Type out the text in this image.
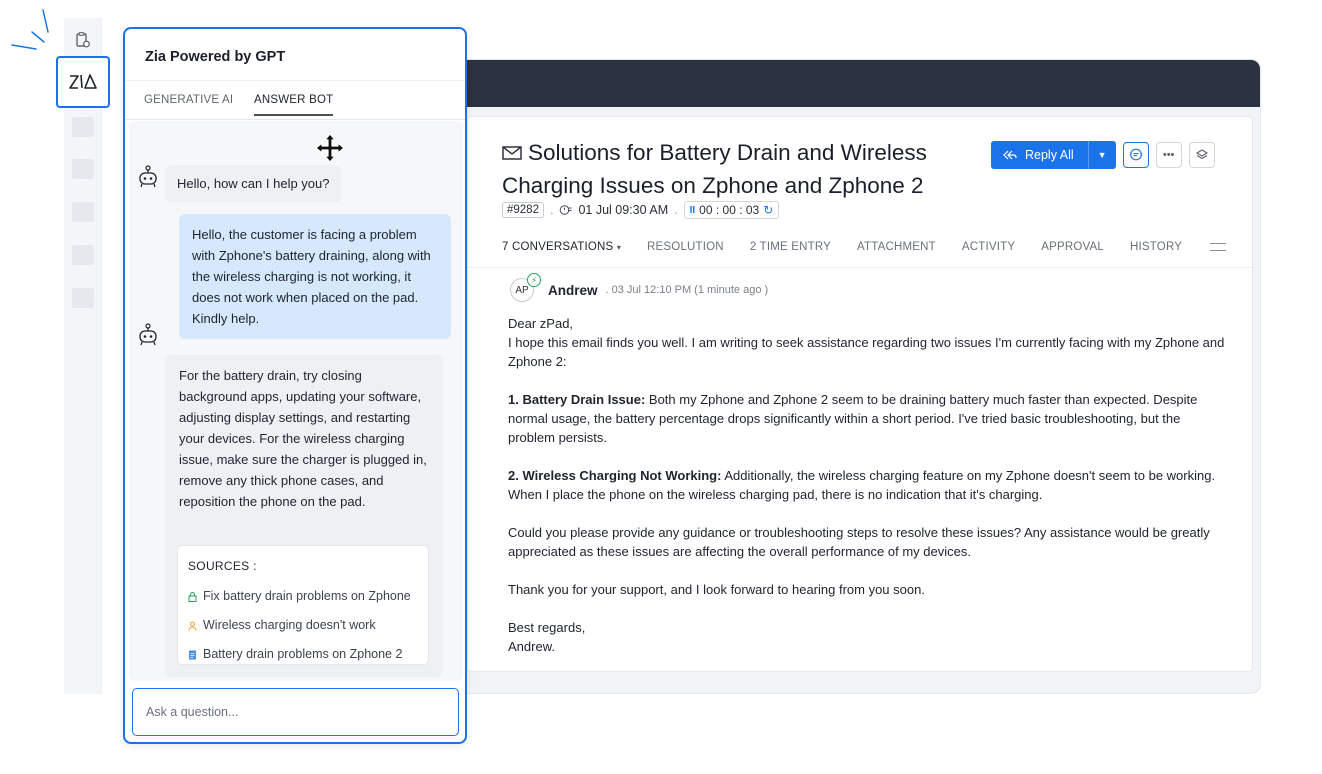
Solutions for Battery Drain and Wireless Charging Issues on Zphone and Zphone 2
#9282 . 01 Jul 09:30 AM . II 00 : 00 : 03 ↻
Reply All	▼	•••
7 CONVERSATIONS ▾ RESOLUTION 2 TIME ENTRY ATTACHMENT ACTIVITY APPROVAL HISTORY
AP
⚡
Andrew . 03 Jul 12:10 PM (1 minute ago )

Dear zPad,

I hope this email finds you well. I am writing to seek assistance regarding two issues I'm currently facing with my Zphone and Zphone 2:

1. Battery Drain Issue: Both my Zphone and Zphone 2 seem to be draining battery much faster than expected. Despite normal usage, the battery percentage drops significantly within a short period. I've tried basic troubleshooting, but the problem persists.

2. Wireless Charging Not Working: Additionally, the wireless charging feature on my Zphone doesn't seem to be working. When I place the phone on the wireless charging pad, there is no indication that it's charging.

Could you please provide any guidance or troubleshooting steps to resolve these issues? Any assistance would be greatly appreciated as these issues are affecting the overall performance of my devices.

Thank you for your support, and I look forward to hearing from you soon.

Best regards,

Andrew.

Zia Powered by GPT
GENERATIVE AI ANSWER BOT
Hello, how can I help you?
Hello, the customer is facing a problem with Zphone's battery draining, along with the wireless charging is not working, it does not work when placed on the pad. Kindly help.
For the battery drain, try closing background apps, updating your software, adjusting display settings, and restarting your devices. For the wireless charging issue, make sure the charger is plugged in, remove any thick phone cases, and reposition the phone on the pad.
SOURCES :
Fix battery drain problems on Zphone
Wireless charging doesn't work
Battery drain problems on Zphone 2
Ask a question...
